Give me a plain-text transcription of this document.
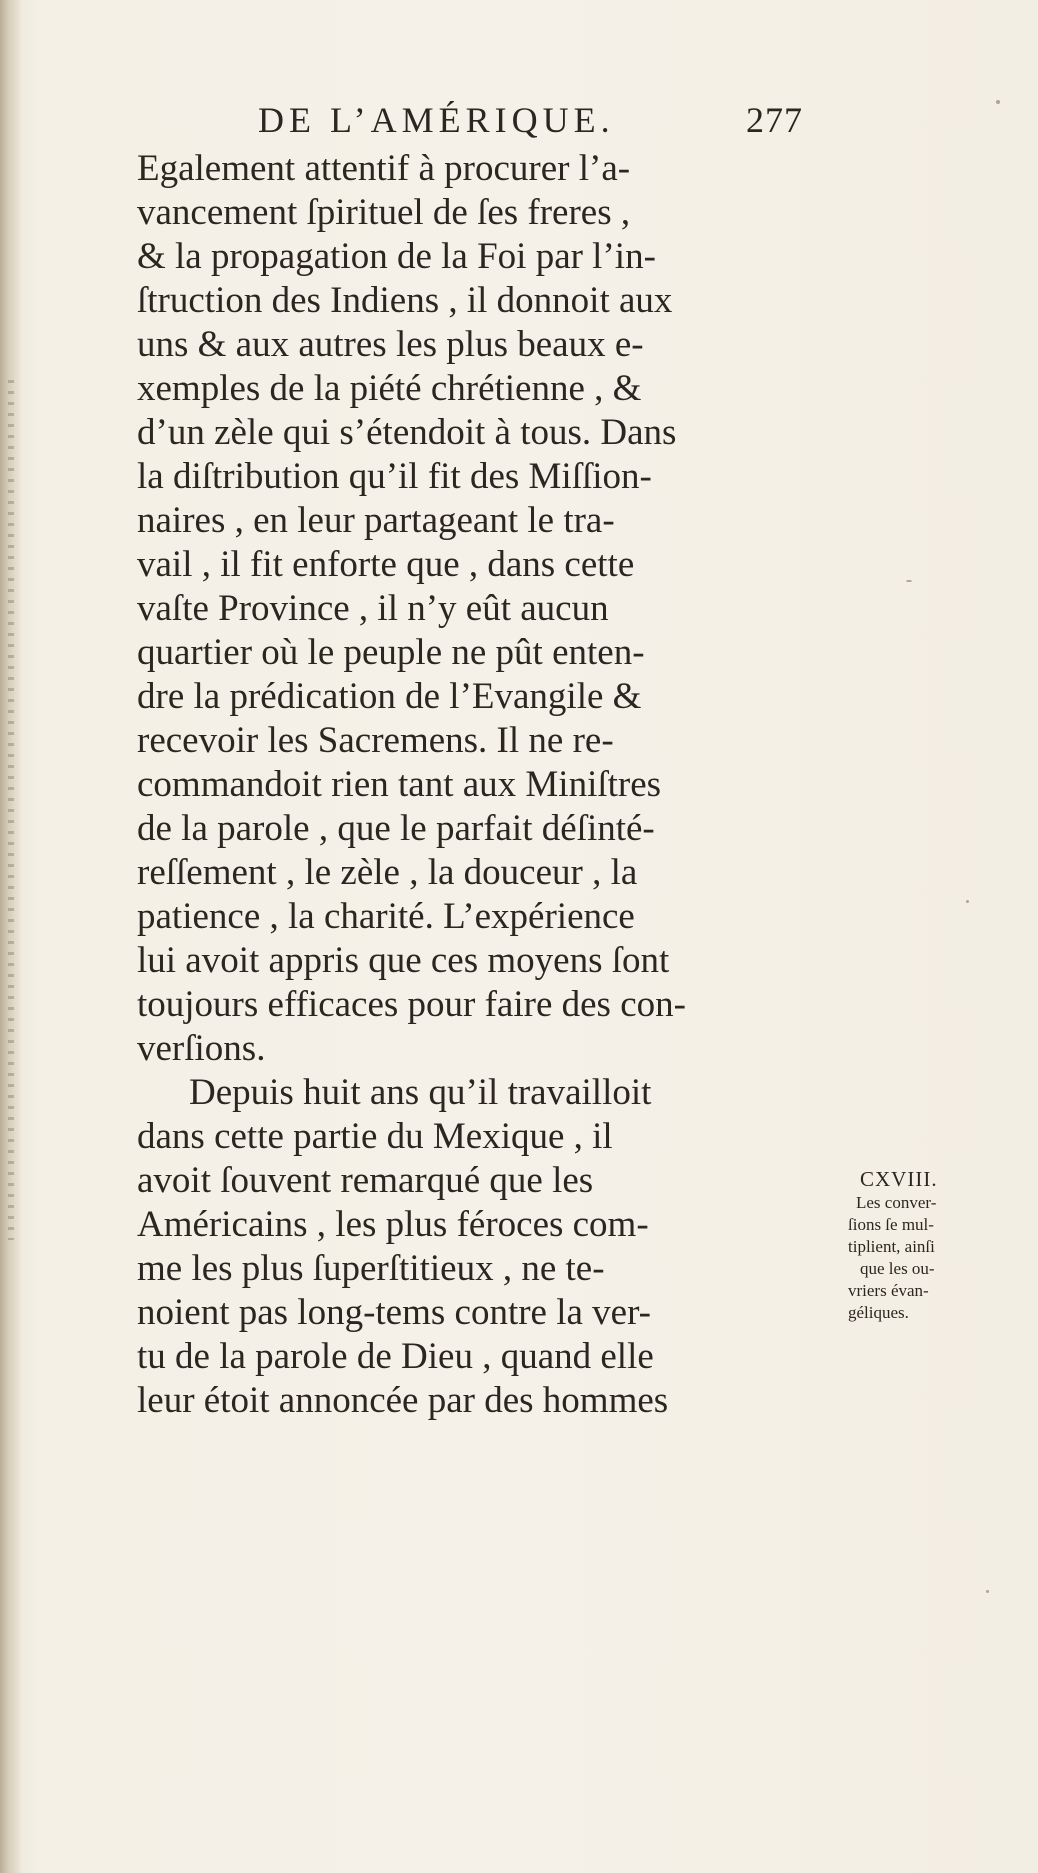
DE L’AMÉRIQUE.	277
Egalement attentif à procurer l’a-
vancement ſpirituel de ſes freres ,
& la propagation de la Foi par l’in-
ſtruction des Indiens , il donnoit aux
uns & aux autres les plus beaux e-
xemples de la piété chrétienne , &
d’un zèle qui s’étendoit à tous. Dans
la diſtribution qu’il fit des Miſſion-
naires , en leur partageant le tra-
vail , il fit enforte que , dans cette
vaſte Province , il n’y eût aucun
quartier où le peuple ne pût enten-
dre la prédication de l’Evangile &
recevoir les Sacremens. Il ne re-
commandoit rien tant aux Miniſtres
de la parole , que le parfait déſinté-
reſſement , le zèle , la douceur , la
patience , la charité. L’expérience
lui avoit appris que ces moyens ſont
toujours efficaces pour faire des con-
verſions.
Depuis huit ans qu’il travailloit
dans cette partie du Mexique , il
avoit ſouvent remarqué que les
Américains , les plus féroces com-
me les plus ſuperſtitieux , ne te-
noient pas long-tems contre la ver-
tu de la parole de Dieu , quand elle
leur étoit annoncée par des hommes
CXVIII.
Les conver-
ſions ſe mul-
tiplient, ainſi
que les ou-
vriers évan-
géliques.
